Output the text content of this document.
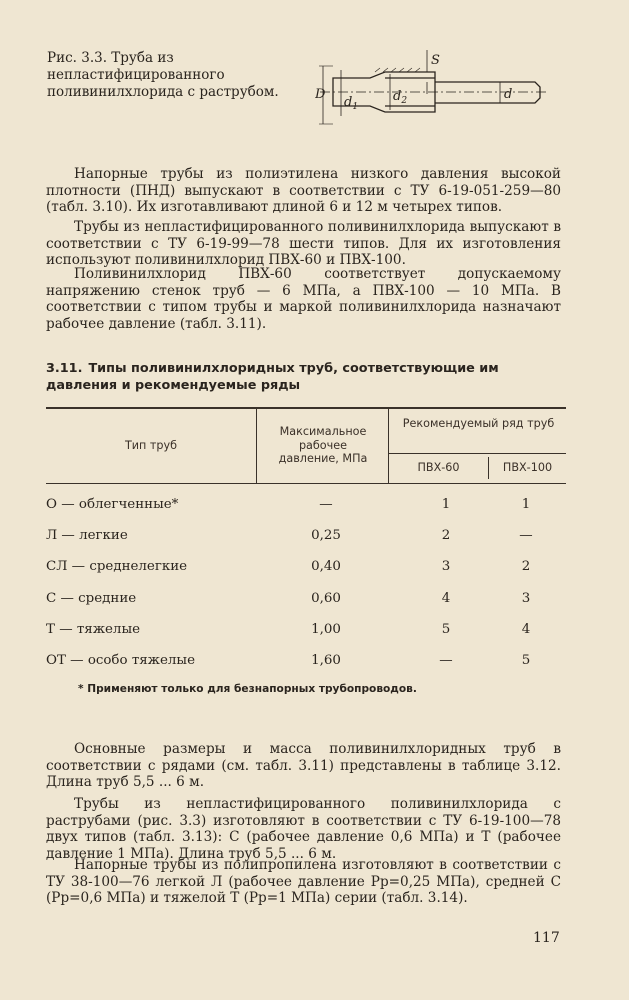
Рис. 3.3. Труба из непластифицированного поливинилхлорида с раструбом.	D
$d_1$
$d_2$	d
S
Напорные трубы из полиэтилена низкого давления высокой плотности (ПНД) выпускают в соответствии с ТУ 6-19-051-259—80 (табл. 3.10). Их изготавливают длиной 6 и 12 м четырех типов.
Трубы из непластифицированного поливинилхлорида выпускают в соответствии с ТУ 6-19-99—78 шести типов. Для их изготовления используют поливинилхлорид ПВХ-60 и ПВХ-100.
Поливинилхлорид ПВХ-60 соответствует допускаемому напряжению стенок труб — 6 МПа, а ПВХ-100 — 10 МПа. В соответствии с типом трубы и маркой поливинилхлорида назначают рабочее давление (табл. 3.11).
3.11. Типы поливинилхлоридных труб, соответствующие им давления и рекомендуемые ряды
Тип труб
Максимальное рабочее давление, МПа
Рекомендуемый ряд труб
ПВХ-60	ПВХ-100
О — облегченные*	—	1	1
Л — легкие	0,25	2	—
СЛ — среднелегкие	0,40	3	2
С — средние	0,60	4	3
Т — тяжелые	1,00	5	4
ОТ — особо тяжелые	1,60	—	5
* Применяют только для безнапорных трубопроводов.
Основные размеры и масса поливинилхлоридных труб в соответствии с рядами (см. табл. 3.11) представлены в таблице 3.12. Длина труб 5,5 ... 6 м.
Трубы из непластифицированного поливинилхлорида с раструбами (рис. 3.3) изготовляют в соответствии с ТУ 6-19-100—78 двух типов (табл. 3.13): С (рабочее давление 0,6 МПа) и Т (рабочее давление 1 МПа). Длина труб 5,5 ... 6 м.
Напорные трубы из полипропилена изготовляют в соответствии с ТУ 38-100—76 легкой Л (рабочее давление Pр=0,25 МПа), средней С (Pр=0,6 МПа) и тяжелой Т (Pр=1 МПа) серии (табл. 3.14).
117
